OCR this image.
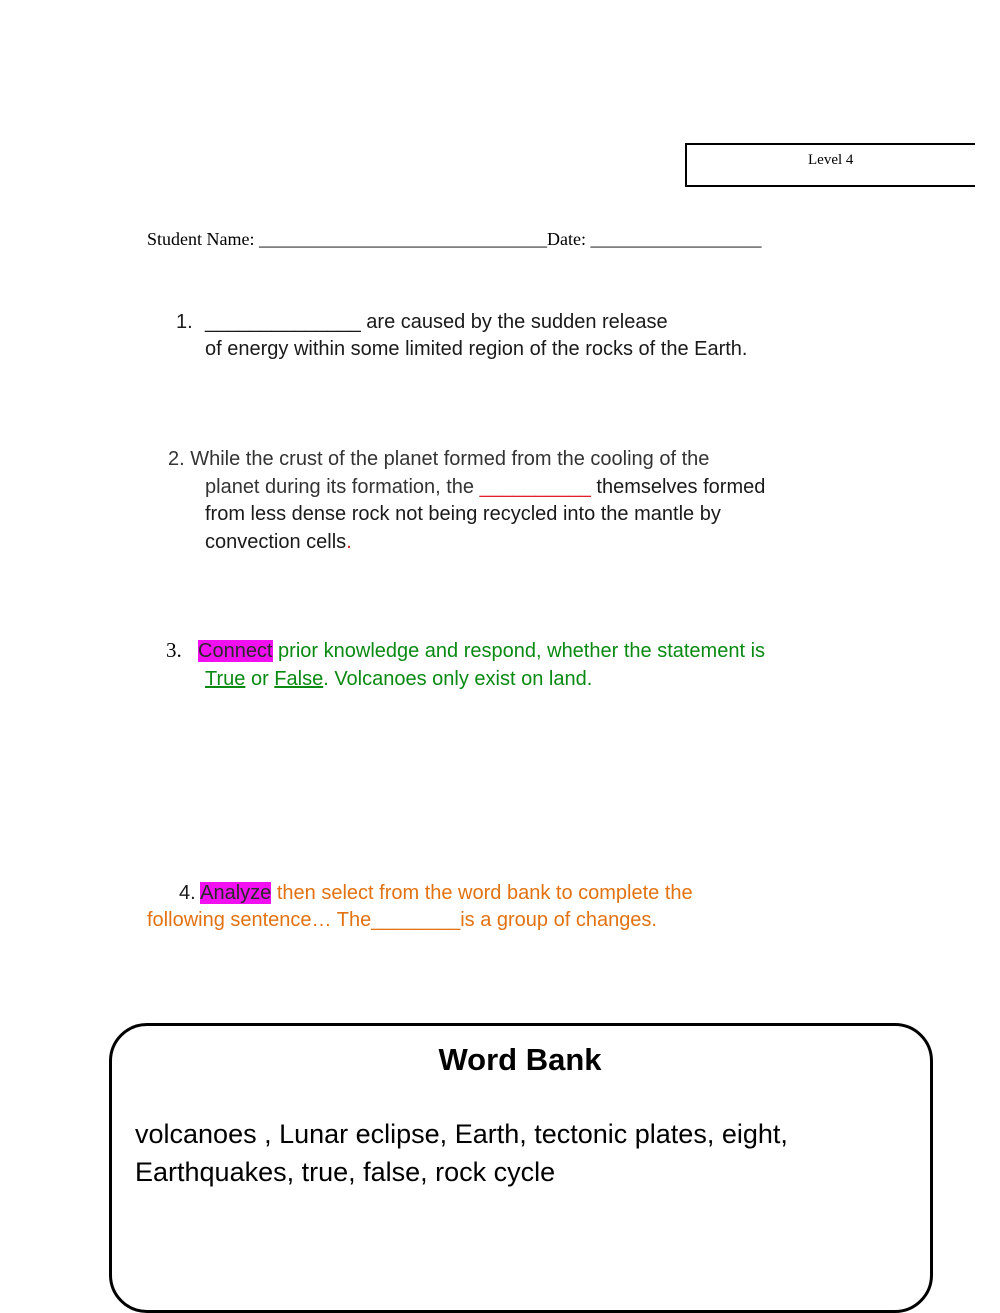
Level 4
Student Name: ________________________________Date: ___________________
1. ______________ are caused by the sudden release
of energy within some limited region of the rocks of the Earth.
2. While the crust of the planet formed from the cooling of the
planet during its formation, the __________ themselves formed
from less dense rock not being recycled into the mantle by
convection cells.
3. Connect prior knowledge and respond, whether the statement is
True or False. Volcanoes only exist on land.
4. Analyze then select from the word bank to complete the
following sentence… The________is a group of changes.
Word Bank
volcanoes , Lunar eclipse, Earth, tectonic plates, eight, Earthquakes, true, false, rock cycle
